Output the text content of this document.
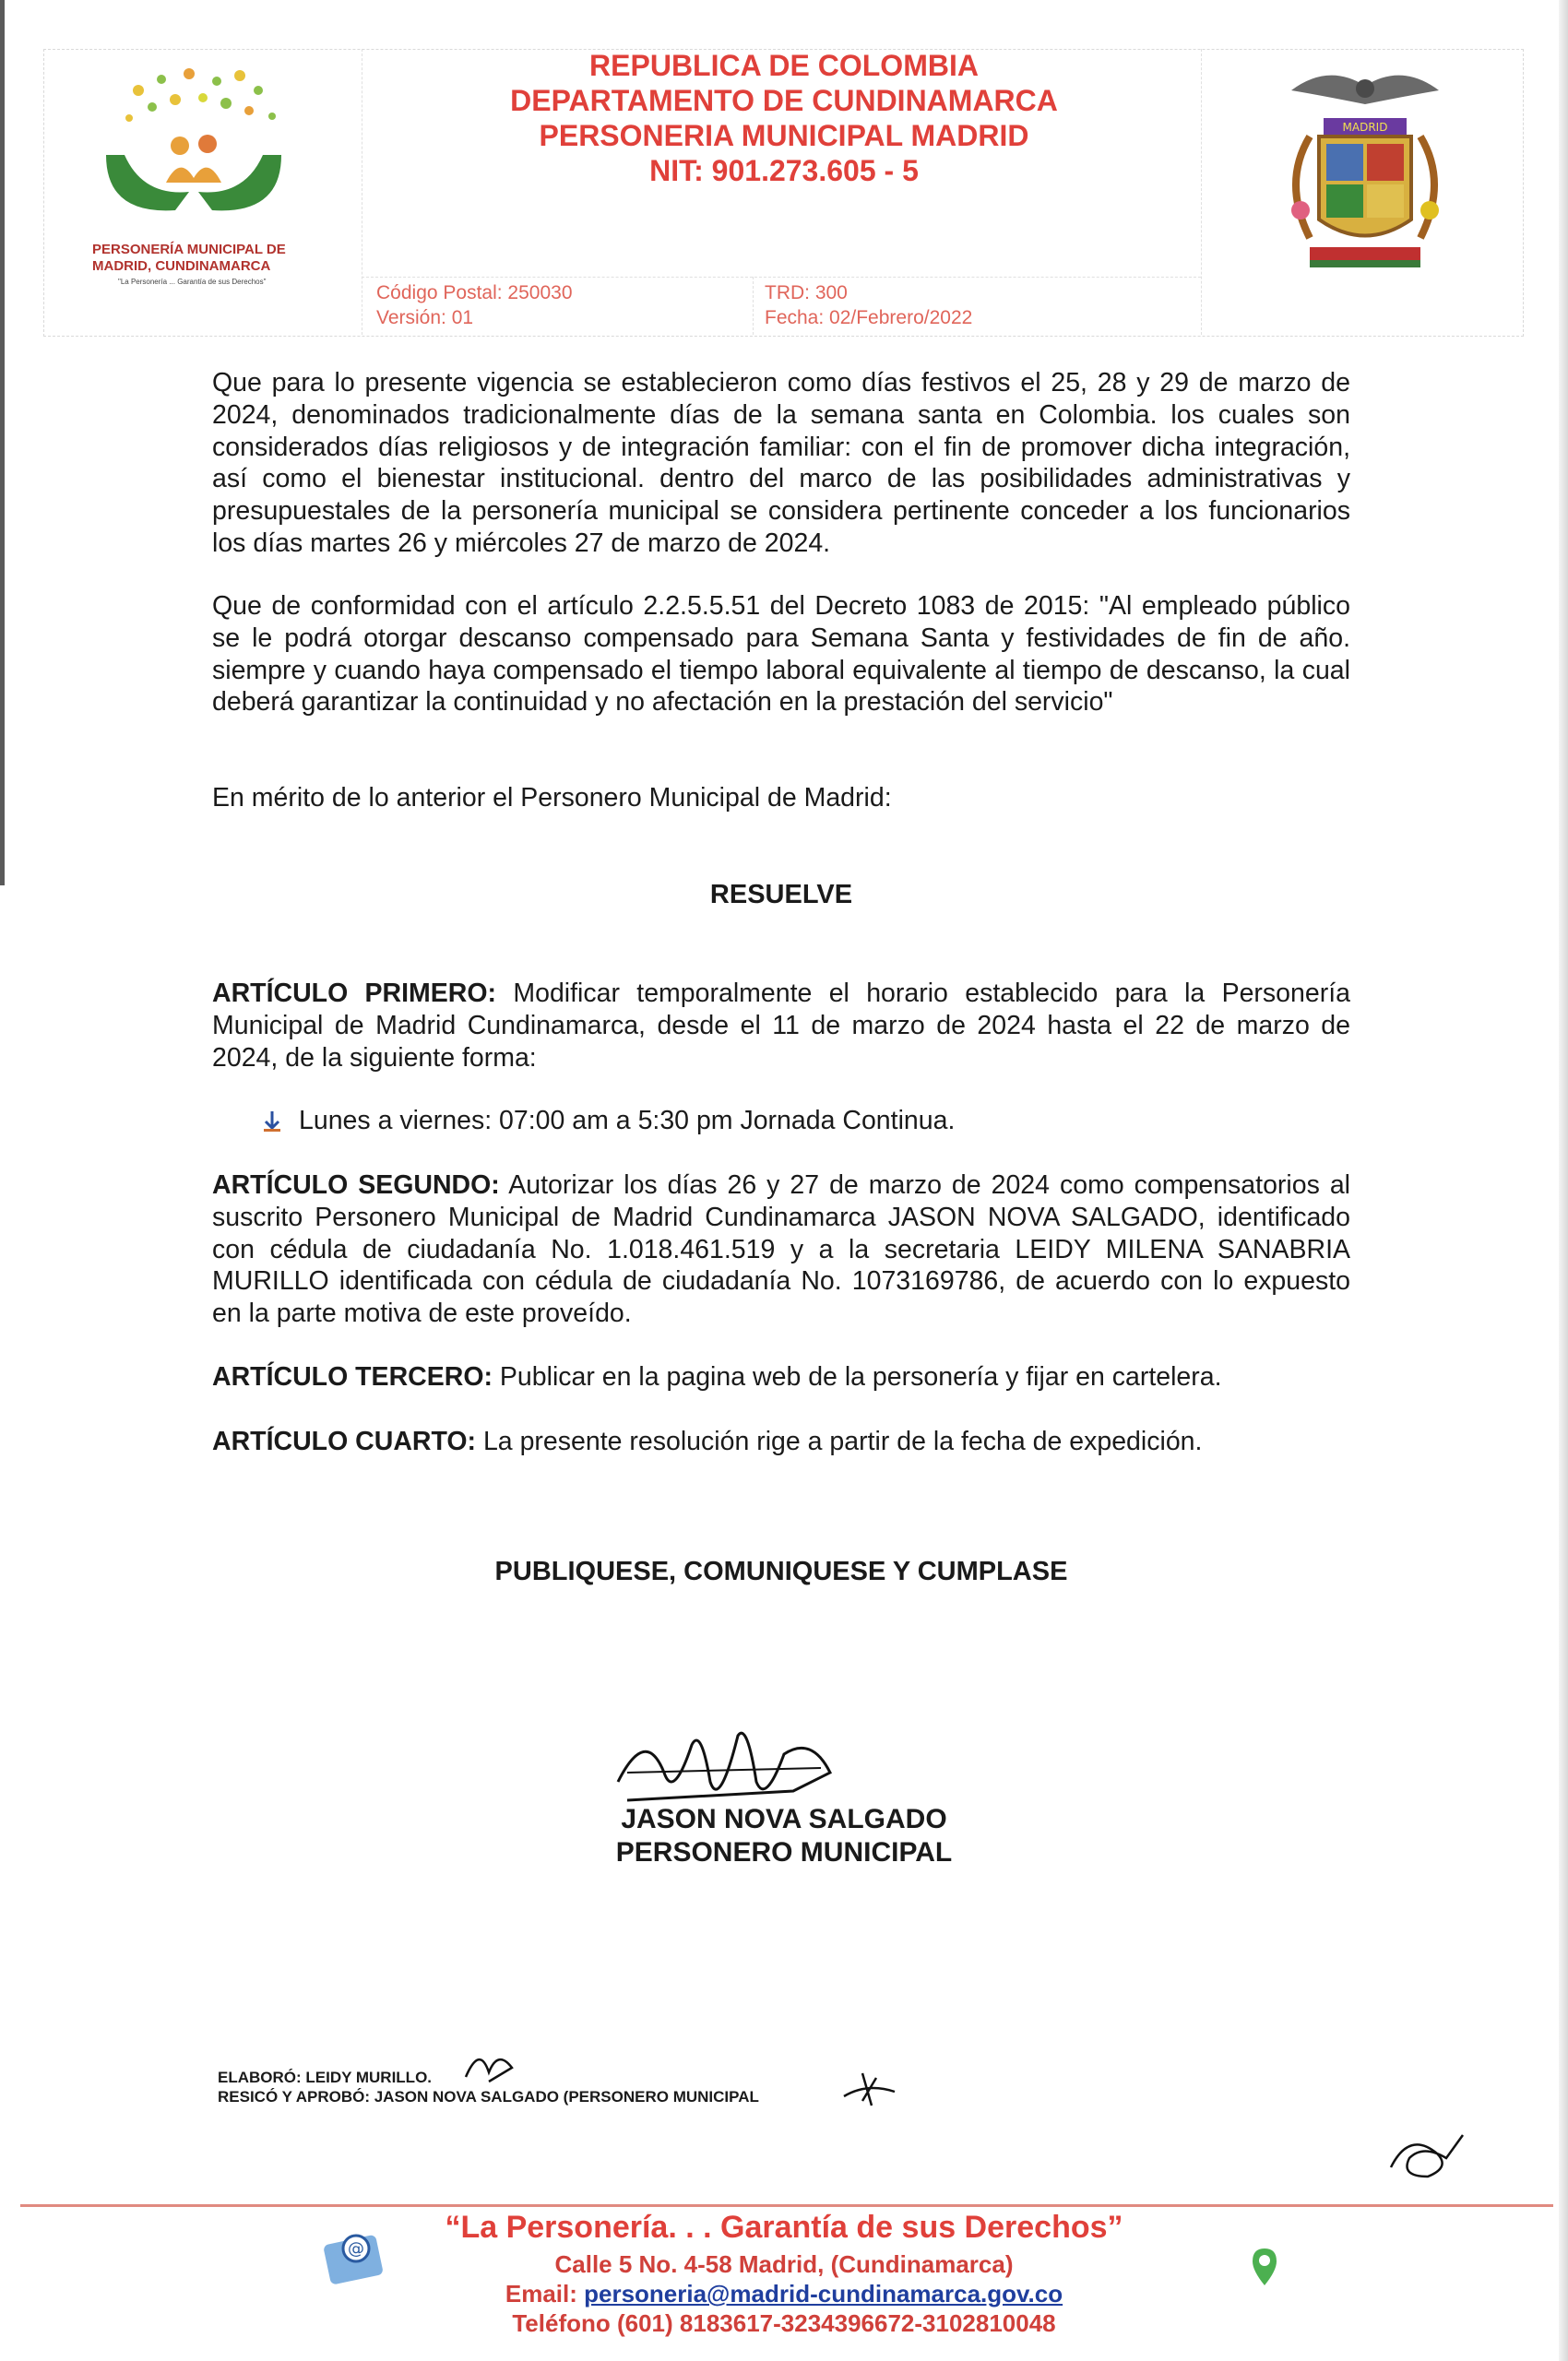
PERSONERÍA MUNICIPAL DE
MADRID, CUNDINAMARCA
"La Personería ... Garantía de sus Derechos"
REPUBLICA DE COLOMBIA
DEPARTAMENTO DE CUNDINAMARCA
PERSONERIA MUNICIPAL MADRID
NIT: 901.273.605 - 5
Código Postal: 250030
Versión: 01
TRD: 300
Fecha: 02/Febrero/2022
MADRID
Que para lo presente vigencia se establecieron como días festivos el 25, 28 y 29 de marzo de 2024, denominados tradicionalmente días de la semana santa en Colombia. los cuales son considerados días religiosos y de integración familiar: con el fin de promover dicha integración, así como el bienestar institucional. dentro del marco de las posibilidades administrativas y presupuestales de la personería municipal se considera pertinente conceder a los funcionarios los días martes 26 y miércoles 27 de marzo de 2024.
Que de conformidad con el artículo 2.2.5.5.51 del Decreto 1083 de 2015: "Al empleado público se le podrá otorgar descanso compensado para Semana Santa y festividades de fin de año. siempre y cuando haya compensado el tiempo laboral equivalente al tiempo de descanso, la cual deberá garantizar la continuidad y no afectación en la prestación del servicio"
En mérito de lo anterior el Personero Municipal de Madrid:
RESUELVE
ARTÍCULO PRIMERO: Modificar temporalmente el horario establecido para la Personería Municipal de Madrid Cundinamarca, desde el 11 de marzo de 2024 hasta el 22 de marzo de 2024, de la siguiente forma:
Lunes a viernes: 07:00 am a 5:30 pm Jornada Continua.
ARTÍCULO SEGUNDO: Autorizar los días 26 y 27 de marzo de 2024 como compensatorios al suscrito Personero Municipal de Madrid Cundinamarca JASON NOVA SALGADO, identificado con cédula de ciudadanía No. 1.018.461.519 y a la secretaria LEIDY MILENA SANABRIA MURILLO identificada con cédula de ciudadanía No. 1073169786, de acuerdo con lo expuesto en la parte motiva de este proveído.
ARTÍCULO TERCERO: Publicar en la pagina web de la personería y fijar en cartelera.
ARTÍCULO CUARTO: La presente resolución rige a partir de la fecha de expedición.
PUBLIQUESE, COMUNIQUESE Y CUMPLASE
JASON NOVA SALGADO
PERSONERO MUNICIPAL
ELABORÓ: LEIDY MURILLO.
RESICÓ Y APROBÓ: JASON NOVA SALGADO (PERSONERO MUNICIPAL
@
“La Personería. . . Garantía de sus Derechos”
Calle 5 No. 4-58 Madrid, (Cundinamarca)
Email: personeria@madrid-cundinamarca.gov.co
Teléfono (601) 8183617-3234396672-3102810048
